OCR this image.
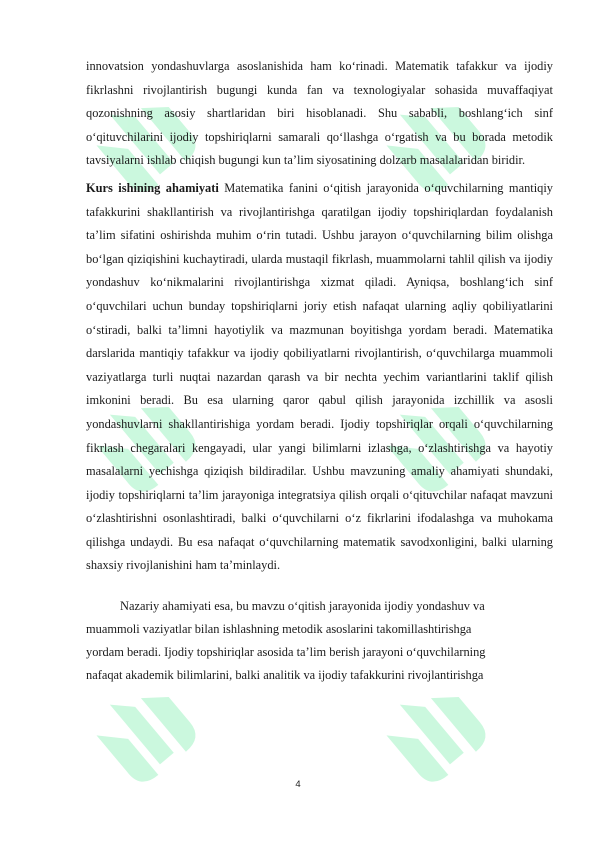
innovatsion yondashuvlarga asoslanishida ham koʻrinadi. Matematik tafakkur va ijodiy fikrlashni rivojlantirish bugungi kunda fan va texnologiyalar sohasida muvaffaqiyat qozonishning asosiy shartlaridan biri hisoblanadi. Shu sababli, boshlangʻich sinf oʻqituvchilarini ijodiy topshiriqlarni samarali qoʻllashga oʻrgatish va bu borada metodik tavsiyalarni ishlab chiqish bugungi kun taʼlim siyosatining dolzarb masalalaridan biridir.

Kurs ishining ahamiyati Matematika fanini oʻqitish jarayonida oʻquvchilarning mantiqiy tafakkurini shakllantirish va rivojlantirishga qaratilgan ijodiy topshiriqlardan foydalanish taʼlim sifatini oshirishda muhim oʻrin tutadi. Ushbu jarayon oʻquvchilarning bilim olishga boʻlgan qiziqishini kuchaytiradi, ularda mustaqil fikrlash, muammolarni tahlil qilish va ijodiy yondashuv koʻnikmalarini rivojlantirishga xizmat qiladi. Ayniqsa, boshlangʻich sinf oʻquvchilari uchun bunday topshiriqlarni joriy etish nafaqat ularning aqliy qobiliyatlarini oʻstiradi, balki taʼlimni hayotiylik va mazmunan boyitishga yordam beradi. Matematika darslarida mantiqiy tafakkur va ijodiy qobiliyatlarni rivojlantirish, oʻquvchilarga muammoli vaziyatlarga turli nuqtai nazardan qarash va bir nechta yechim variantlarini taklif qilish imkonini beradi. Bu esa ularning qaror qabul qilish jarayonida izchillik va asosli yondashuvlarni shakllantirishiga yordam beradi. Ijodiy topshiriqlar orqali oʻquvchilarning fikrlash chegaralari kengayadi, ular yangi bilimlarni izlashga, oʻzlashtirishga va hayotiy masalalarni yechishga qiziqish bildiradilar. Ushbu mavzuning amaliy ahamiyati shundaki, ijodiy topshiriqlarni taʼlim jarayoniga integratsiya qilish orqali oʻqituvchilar nafaqat mavzuni oʻzlashtirishni osonlashtiradi, balki oʻquvchilarni oʻz fikrlarini ifodalashga va muhokama qilishga undaydi. Bu esa nafaqat oʻquvchilarning matematik savodxonligini, balki ularning shaxsiy rivojlanishini ham taʼminlaydi.

Nazariy ahamiyati esa, bu mavzu oʻqitish jarayonida ijodiy yondashuv va
muammoli vaziyatlar bilan ishlashning metodik asoslarini takomillashtirishga
yordam beradi. Ijodiy topshiriqlar asosida taʼlim berish jarayoni oʻquvchilarning
nafaqat akademik bilimlarini, balki analitik va ijodiy tafakkurini rivojlantirishga

4
